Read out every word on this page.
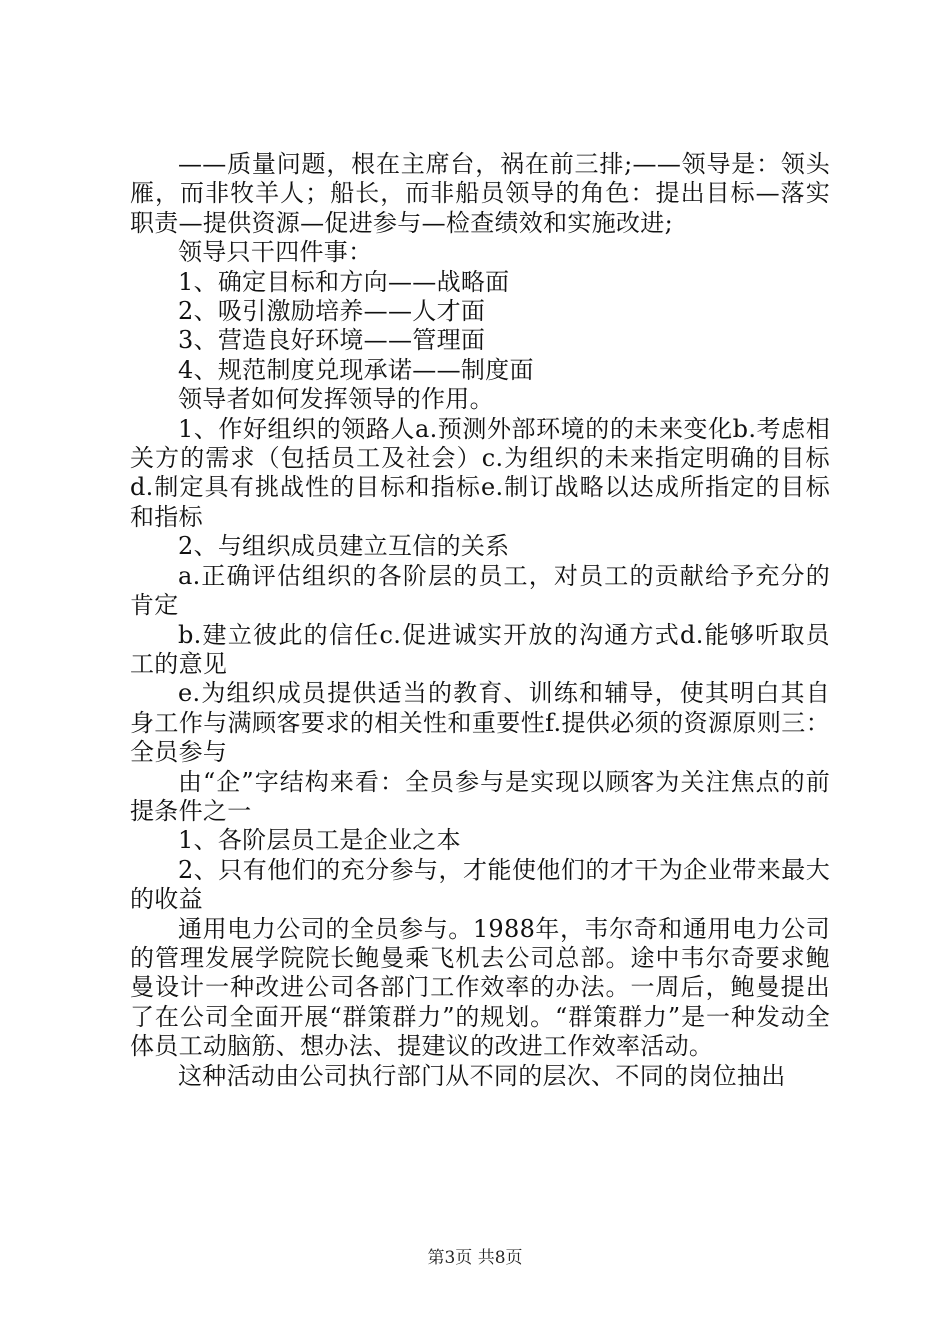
——质量问题，根在主席台，祸在前三排;——领导是：领头雁，而非牧羊人；船长，而非船员领导的角色：提出目标—落实职责—提供资源—促进参与—检查绩效和实施改进;

领导只干四件事：

1、确定目标和方向——战略面

2、吸引激励培养——人才面

3、营造良好环境——管理面

4、规范制度兑现承诺——制度面

领导者如何发挥领导的作用。

1、作好组织的领路人a.预测外部环境的的未来变化b.考虑相关方的需求（包括员工及社会）c.为组织的未来指定明确的目标d.制定具有挑战性的目标和指标e.制订战略以达成所指定的目标和指标

2、与组织成员建立互信的关系

a.正确评估组织的各阶层的员工，对员工的贡献给予充分的肯定

b.建立彼此的信任c.促进诚实开放的沟通方式d.能够听取员工的意见

e.为组织成员提供适当的教育、训练和辅导，使其明白其自身工作与满顾客要求的相关性和重要性f.提供必须的资源原则三：全员参与

由“企”字结构来看：全员参与是实现以顾客为关注焦点的前提条件之一

1、各阶层员工是企业之本

2、只有他们的充分参与，才能使他们的才干为企业带来最大的收益

通用电力公司的全员参与。1988年，韦尔奇和通用电力公司的管理发展学院院长鲍曼乘飞机去公司总部。途中韦尔奇要求鲍曼设计一种改进公司各部门工作效率的办法。一周后，鲍曼提出了在公司全面开展“群策群力”的规划。“群策群力”是一种发动全体员工动脑筋、想办法、提建议的改进工作效率活动。

这种活动由公司执行部门从不同的层次、不同的岗位抽出

第3页 共8页
